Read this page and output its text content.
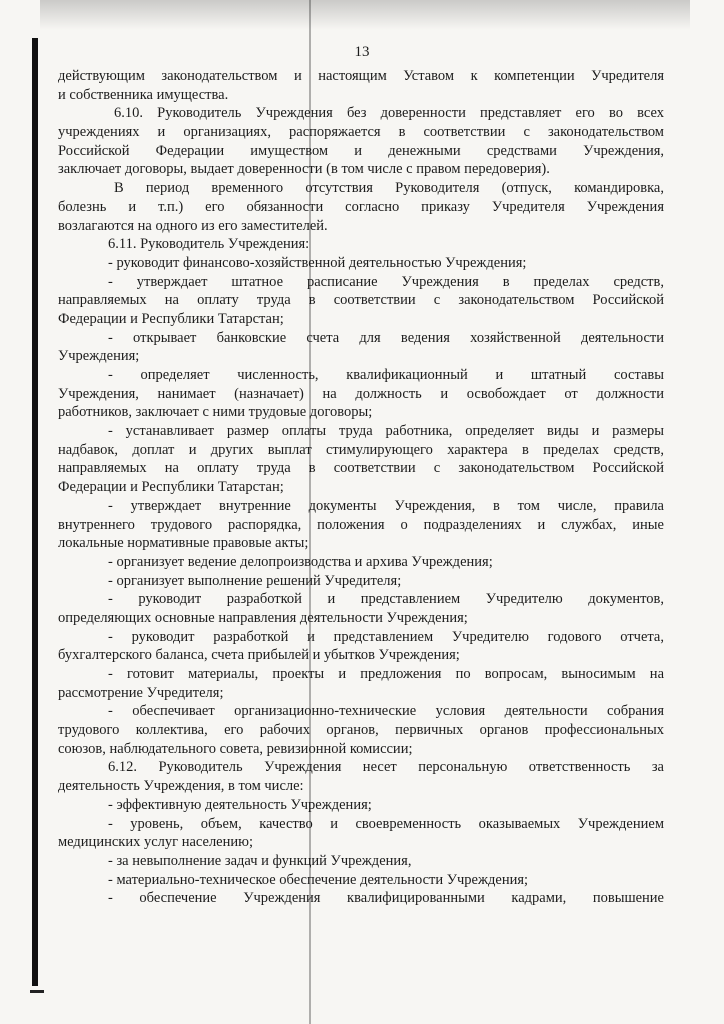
13
действующим законодательством и настоящим Уставом к компетенции Учредителя
и собственника имущества.
6.10. Руководитель Учреждения без доверенности представляет его во всех
учреждениях и организациях, распоряжается в соответствии с законодательством
Российской Федерации имуществом и денежными средствами Учреждения,
заключает договоры, выдает доверенности (в том числе с правом передоверия).
В период временного отсутствия Руководителя (отпуск, командировка,
болезнь и т.п.) его обязанности согласно приказу Учредителя Учреждения
возлагаются на одного из его заместителей.
6.11. Руководитель Учреждения:
- руководит финансово-хозяйственной деятельностью Учреждения;
- утверждает штатное расписание Учреждения в пределах средств,
направляемых на оплату труда в соответствии с законодательством Российской
Федерации и Республики Татарстан;
- открывает банковские счета для ведения хозяйственной деятельности
Учреждения;
- определяет численность, квалификационный и штатный составы
Учреждения, нанимает (назначает) на должность и освобождает от должности
работников, заключает с ними трудовые договоры;
- устанавливает размер оплаты труда работника, определяет виды и размеры
надбавок, доплат и других выплат стимулирующего характера в пределах средств,
направляемых на оплату труда в соответствии с законодательством Российской
Федерации и Республики Татарстан;
- утверждает внутренние документы Учреждения, в том числе, правила
внутреннего трудового распорядка, положения о подразделениях и службах, иные
локальные нормативные правовые акты;
- организует ведение делопроизводства и архива Учреждения;
- организует выполнение решений Учредителя;
- руководит разработкой и представлением Учредителю документов,
определяющих основные направления деятельности Учреждения;
- руководит разработкой и представлением Учредителю годового отчета,
бухгалтерского баланса, счета прибылей и убытков Учреждения;
- готовит материалы, проекты и предложения по вопросам, выносимым на
рассмотрение Учредителя;
- обеспечивает организационно-технические условия деятельности собрания
трудового коллектива, его рабочих органов, первичных органов профессиональных
союзов, наблюдательного совета, ревизионной комиссии;
6.12. Руководитель Учреждения несет персональную ответственность за
деятельность Учреждения, в том числе:
- эффективную деятельность Учреждения;
- уровень, объем, качество и своевременность оказываемых Учреждением
медицинских услуг населению;
- за невыполнение задач и функций Учреждения,
- материально-техническое обеспечение деятельности Учреждения;
- обеспечение Учреждения квалифицированными кадрами, повышение
